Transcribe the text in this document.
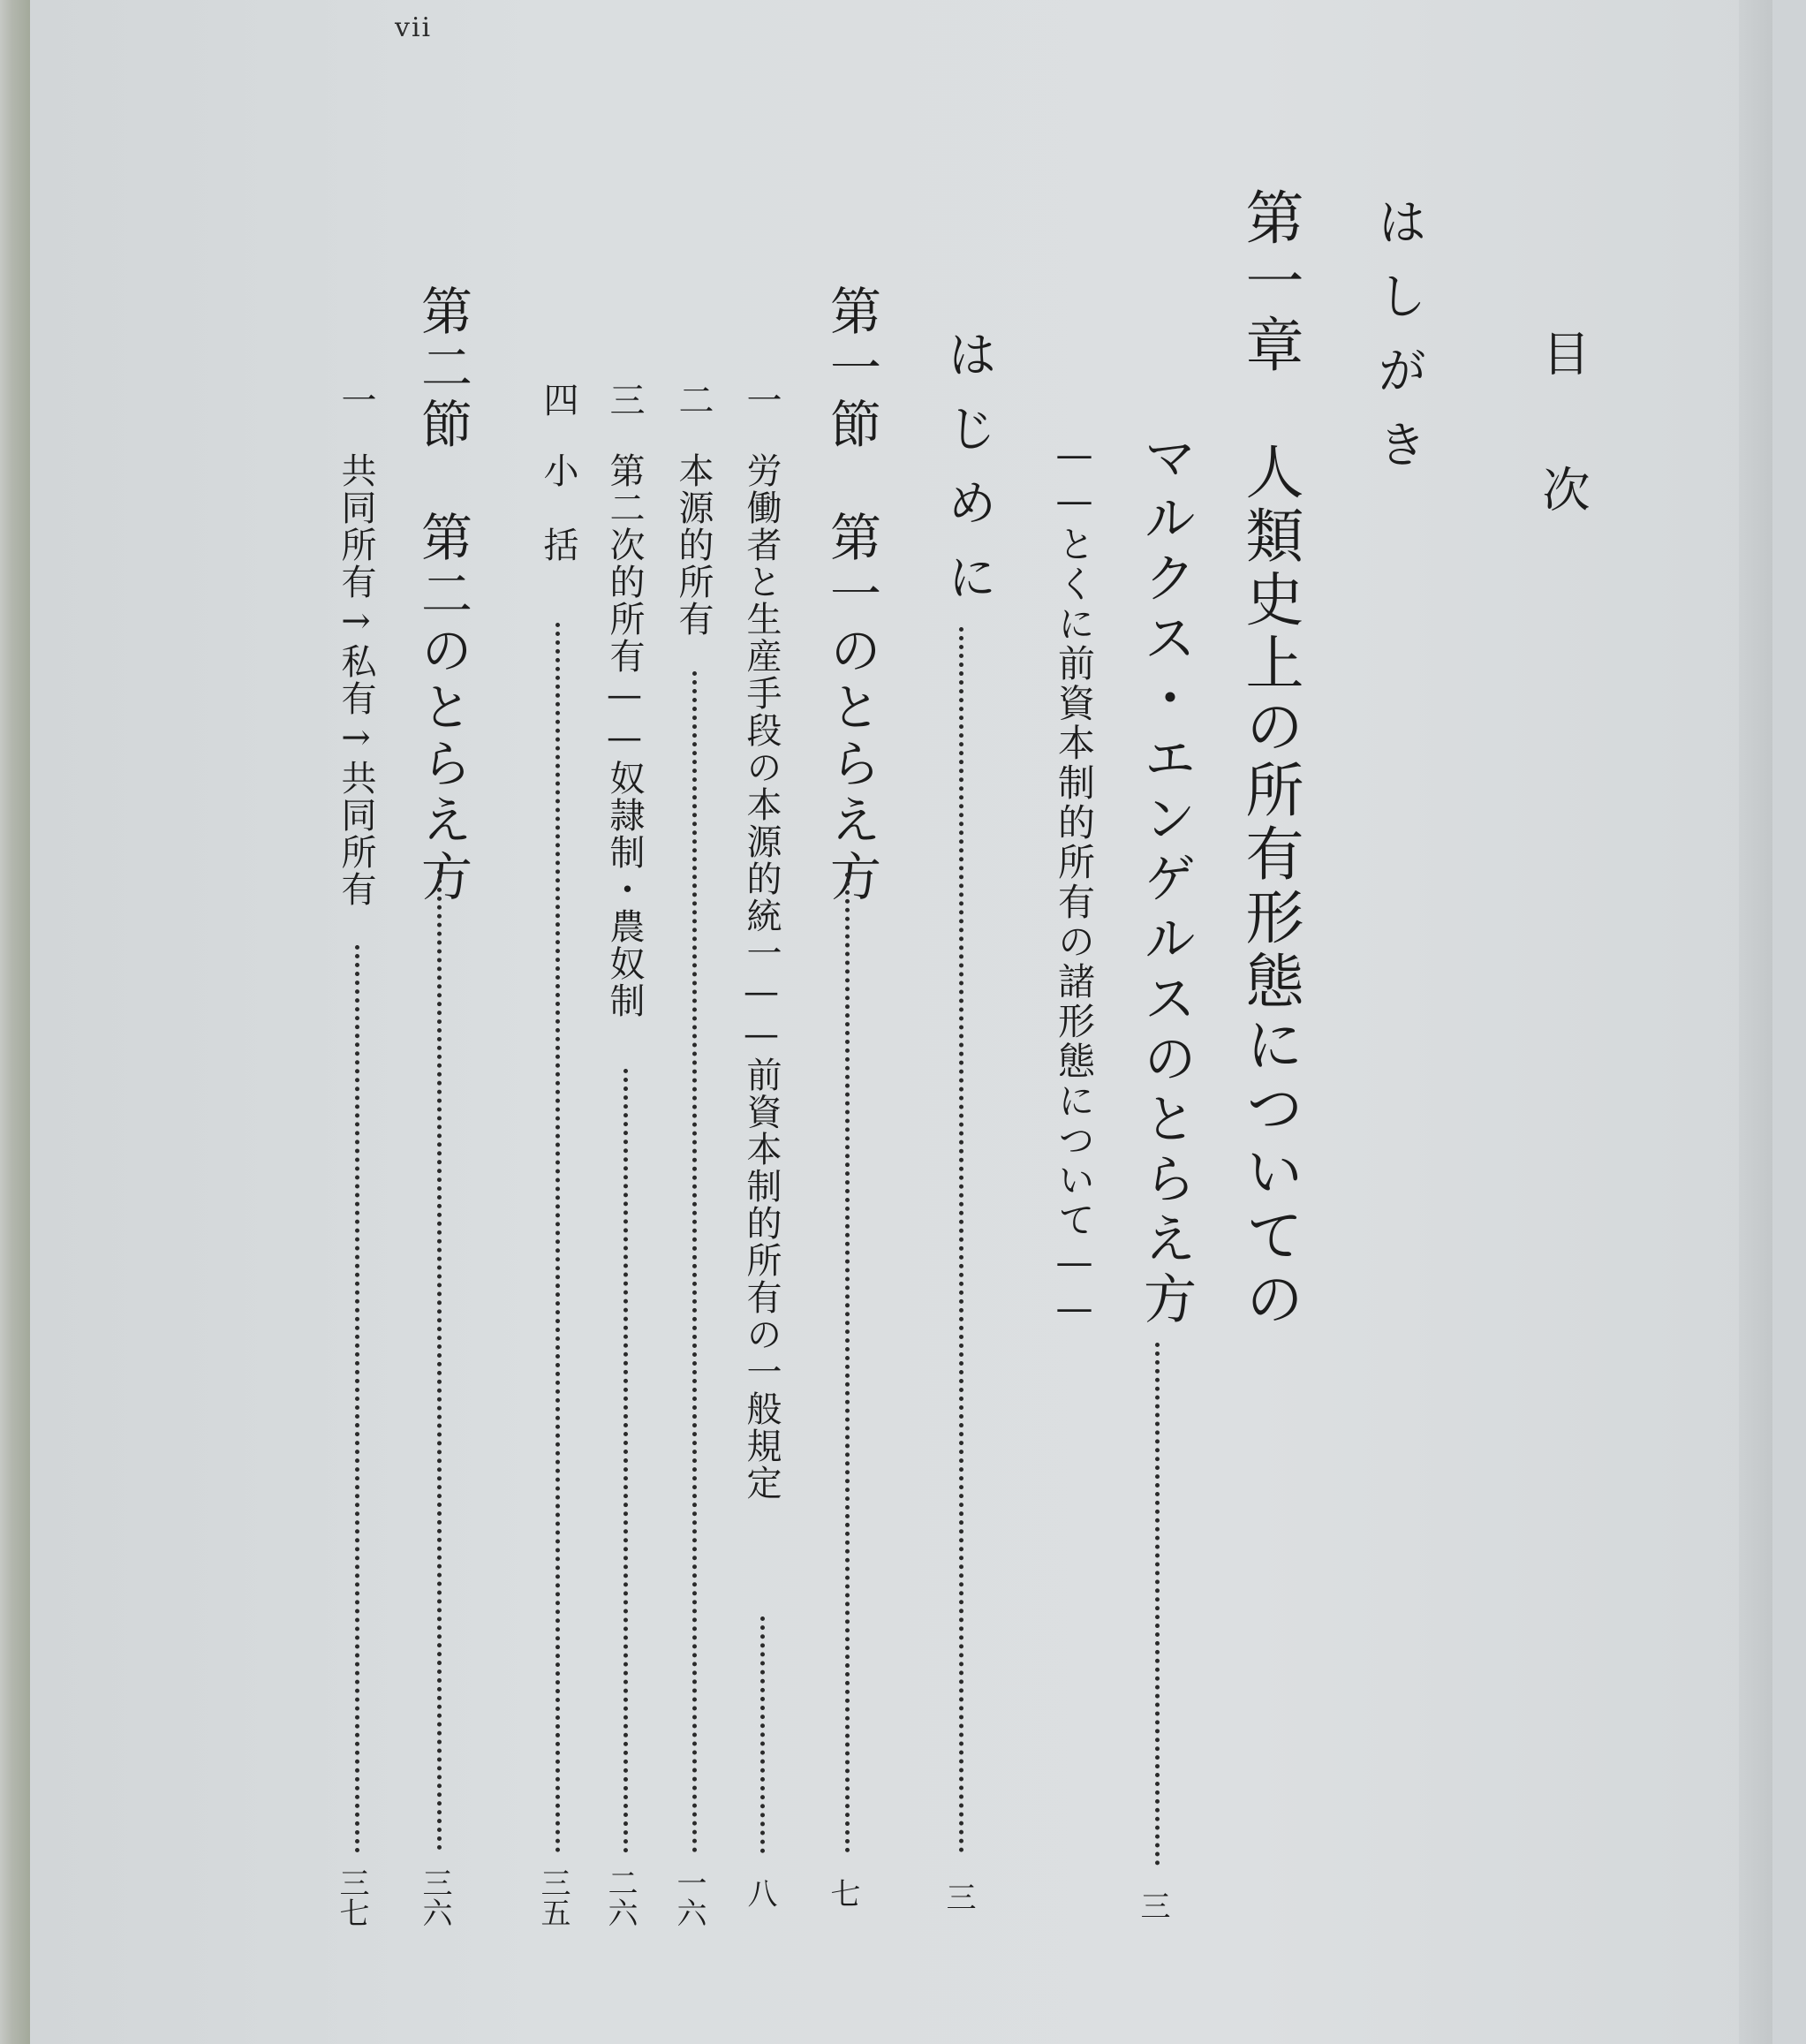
vii
目次
はしがき
第一章　人類史上の所有形態についての
マルクス・エンゲルスのとらえ方
三
——とくに前資本制的所有の諸形態について——
はじめに
三
第一節　第一のとらえ方
七
一
労働者と生産手段の本源的統一——前資本制的所有の一般規定
八
二
本源的所有
一六
三
第二次的所有——奴隷制・農奴制
二六
四
小　括
三五
第二節　第二のとらえ方
三六
一
共同所有→私有→共同所有
三七
